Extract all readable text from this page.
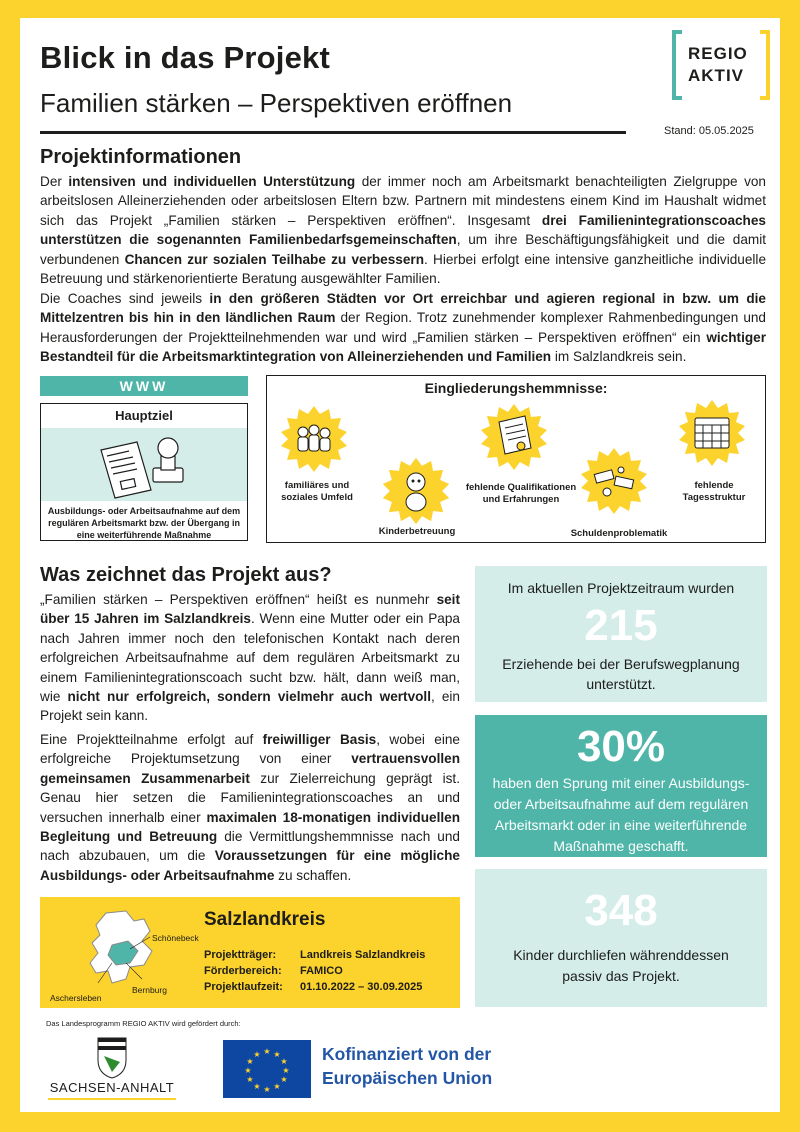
Blick in das Projekt
Familien stärken – Perspektiven eröffnen
Stand: 05.05.2025
REGIO
AKTIV
Projektinformationen
Der intensiven und individuellen Unterstützung der immer noch am Arbeitsmarkt benachteiligten Zielgruppe von arbeitslosen Alleinerziehenden oder arbeitslosen Eltern bzw. Partnern mit mindestens einem Kind im Haushalt widmet sich das Projekt „Familien stärken – Perspektiven eröffnen“. Insgesamt drei Familienintegrationscoaches unterstützen die sogenannten Familienbedarfsgemeinschaften, um ihre Beschäftigungsfähigkeit und die damit verbundenen Chancen zur sozialen Teilhabe zu verbessern. Hierbei erfolgt eine intensive ganzheitliche individuelle Betreuung und stärkenorientierte Beratung ausgewählter Familien.
Die Coaches sind jeweils in den größeren Städten vor Ort erreichbar und agieren regional in bzw. um die Mittelzentren bis hin in den ländlichen Raum der Region. Trotz zunehmender komplexer Rahmenbedingungen und Herausforderungen der Projektteilnehmenden war und wird „Familien stärken – Perspektiven eröffnen“ ein wichtiger Bestandteil für die Arbeitsmarktintegration von Alleinerziehenden und Familien im Salzlandkreis sein.
WWW
Hauptziel
Ausbildungs- oder Arbeitsaufnahme auf dem regulären Arbeitsmarkt bzw. der Übergang in eine weiterführende Maßnahme
Eingliederungshemmnisse:
familiäres und soziales Umfeld
Kinderbetreuung
fehlende Qualifikationen und Erfahrungen
Schuldenproblematik
fehlende Tagesstruktur
Was zeichnet das Projekt aus?
„Familien stärken – Perspektiven eröffnen“ heißt es nunmehr seit über 15 Jahren im Salzlandkreis. Wenn eine Mutter oder ein Papa nach Jahren immer noch den telefonischen Kontakt nach deren erfolgreichen Arbeitsaufnahme auf dem regulären Arbeitsmarkt zu einem Familienintegrationscoach sucht bzw. hält, dann weiß man, wie nicht nur erfolgreich, sondern vielmehr auch wertvoll, ein Projekt sein kann.
Eine Projektteilnahme erfolgt auf freiwilliger Basis, wobei eine erfolgreiche Projektumsetzung von einer vertrauensvollen gemeinsamen Zusammenarbeit zur Zielerreichung geprägt ist. Genau hier setzen die Familienintegrationscoaches an und versuchen innerhalb einer maximalen 18-monatigen individuellen Begleitung und Betreuung die Vermittlungshemmnisse nach und nach abzubauen, um die Voraussetzungen für eine mögliche Ausbildungs- oder Arbeitsaufnahme zu schaffen.
Im aktuellen Projektzeitraum wurden
215
Erziehende bei der Berufswegplanung unterstützt.
30%
haben den Sprung mit einer Ausbildungs- oder Arbeitsaufnahme auf dem regulären Arbeitsmarkt oder in eine weiterführende Maßnahme geschafft.
348
Kinder durchliefen währenddessen passiv das Projekt.
Schönebeck
Bernburg
Aschersleben
Salzlandkreis
Projektträger: Landkreis Salzlandkreis
Förderbereich: FAMICO
Projektlaufzeit: 01.10.2022 – 30.09.2025
Das Landesprogramm REGIO AKTIV wird gefördert durch:
SACHSEN-ANHALT
★ ★
★
★
★
★
★
★
★
★
★
★	Kofinanziert von der
Europäischen Union
